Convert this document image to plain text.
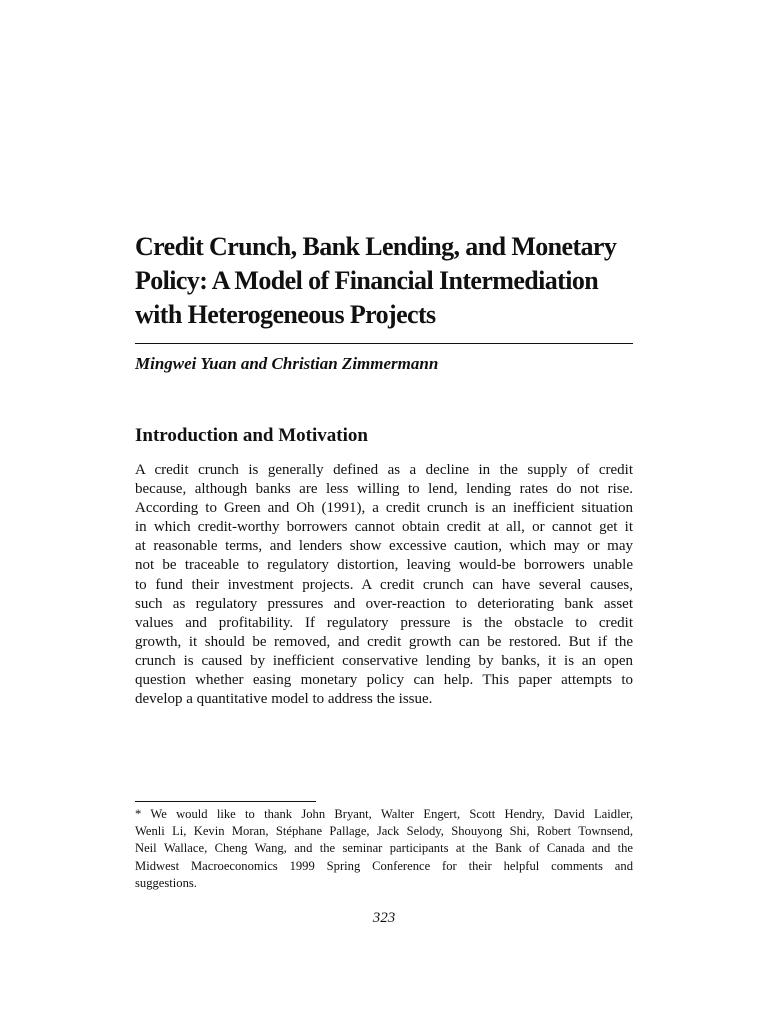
Credit Crunch, Bank Lending, and Monetary
Policy: A Model of Financial Intermediation
with Heterogeneous Projects
Mingwei Yuan and Christian Zimmermann
Introduction and Motivation

A credit crunch is generally defined as a decline in the supply of credit
because, although banks are less willing to lend, lending rates do not rise.
According to Green and Oh (1991), a credit crunch is an inefficient situation
in which credit-worthy borrowers cannot obtain credit at all, or cannot get it
at reasonable terms, and lenders show excessive caution, which may or may
not be traceable to regulatory distortion, leaving would-be borrowers unable
to fund their investment projects. A credit crunch can have several causes,
such as regulatory pressures and over-reaction to deteriorating bank asset
values and profitability. If regulatory pressure is the obstacle to credit
growth, it should be removed, and credit growth can be restored. But if the
crunch is caused by inefficient conservative lending by banks, it is an open
question whether easing monetary policy can help. This paper attempts to
develop a quantitative model to address the issue.

* We would like to thank John Bryant, Walter Engert, Scott Hendry, David Laidler,
Wenli Li, Kevin Moran, Stéphane Pallage, Jack Selody, Shouyong Shi, Robert Townsend,
Neil Wallace, Cheng Wang, and the seminar participants at the Bank of Canada and the
Midwest Macroeconomics 1999 Spring Conference for their helpful comments and
suggestions.

323
